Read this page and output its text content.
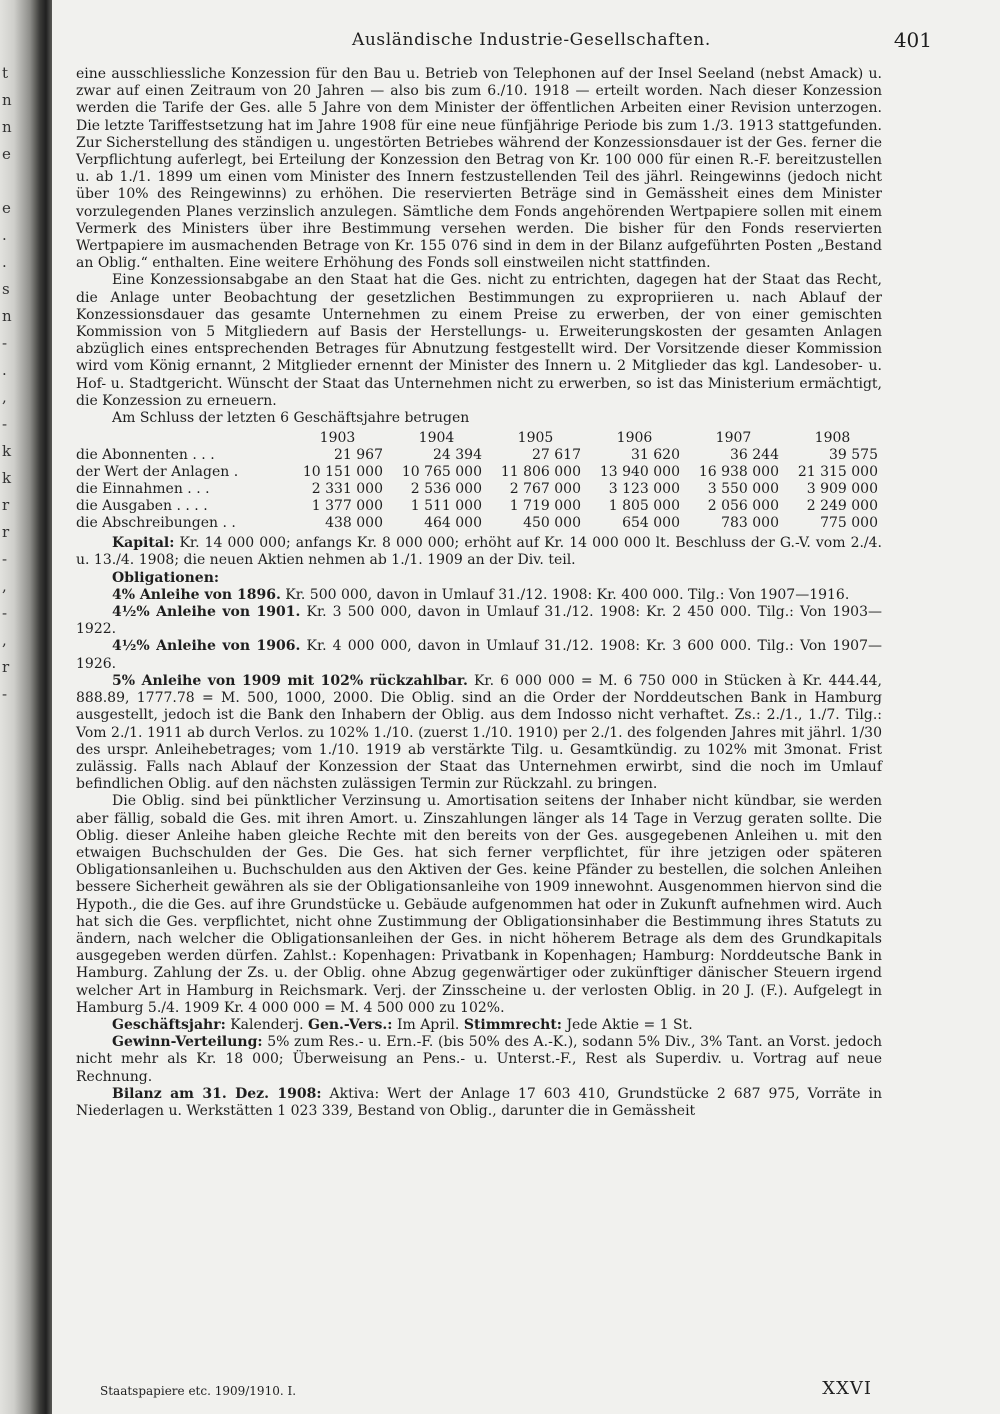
t
n
n
e

e
.
.
s
n
-
.
,
-
k
k
r
r
-
,
-
,
r
-
Ausländische Industrie-Gesellschaften.	401

eine ausschliessliche Konzession für den Bau u. Betrieb von Telephonen auf der Insel Seeland (nebst Amack) u. zwar auf einen Zeitraum von 20 Jahren — also bis zum 6./10. 1918 — erteilt worden. Nach dieser Konzession werden die Tarife der Ges. alle 5 Jahre von dem Minister der öffentlichen Arbeiten einer Revision unterzogen. Die letzte Tariffestsetzung hat im Jahre 1908 für eine neue fünfjährige Periode bis zum 1./3. 1913 stattgefunden. Zur Sicherstellung des ständigen u. ungestörten Betriebes während der Konzessionsdauer ist der Ges. ferner die Verpflichtung auferlegt, bei Erteilung der Konzession den Betrag von Kr. 100 000 für einen R.-F. bereitzustellen u. ab 1./1. 1899 um einen vom Minister des Innern festzustellenden Teil des jährl. Reingewinns (jedoch nicht über 10% des Reingewinns) zu erhöhen. Die reservierten Beträge sind in Gemässheit eines dem Minister vorzulegenden Planes verzinslich anzulegen. Sämtliche dem Fonds angehörenden Wertpapiere sollen mit einem Vermerk des Ministers über ihre Bestimmung versehen werden. Die bisher für den Fonds reservierten Wertpapiere im ausmachenden Betrage von Kr. 155 076 sind in dem in der Bilanz aufgeführten Posten „Bestand an Oblig.“ enthalten. Eine weitere Erhöhung des Fonds soll einstweilen nicht stattfinden.

Eine Konzessionsabgabe an den Staat hat die Ges. nicht zu entrichten, dagegen hat der Staat das Recht, die Anlage unter Beobachtung der gesetzlichen Bestimmungen zu expropriieren u. nach Ablauf der Konzessionsdauer das gesamte Unternehmen zu einem Preise zu erwerben, der von einer gemischten Kommission von 5 Mitgliedern auf Basis der Herstellungs- u. Erweiterungskosten der gesamten Anlagen abzüglich eines entsprechenden Betrages für Abnutzung festgestellt wird. Der Vorsitzende dieser Kommission wird vom König ernannt, 2 Mitglieder ernennt der Minister des Innern u. 2 Mitglieder das kgl. Landesober- u. Hof- u. Stadtgericht. Wünscht der Staat das Unternehmen nicht zu erwerben, so ist das Ministerium ermächtigt, die Konzession zu erneuern.

Am Schluss der letzten 6 Geschäftsjahre betrugen

	1903	1904	1905	1906	1907	1908
die Abonnenten . . .	21 967	24 394	27 617	31 620	36 244	39 575
der Wert der Anlagen .	10 151 000	10 765 000	11 806 000	13 940 000	16 938 000	21 315 000
die Einnahmen . . .	2 331 000	2 536 000	2 767 000	3 123 000	3 550 000	3 909 000
die Ausgaben . . . .	1 377 000	1 511 000	1 719 000	1 805 000	2 056 000	2 249 000
die Abschreibungen . .	438 000	464 000	450 000	654 000	783 000	775 000

Kapital: Kr. 14 000 000; anfangs Kr. 8 000 000; erhöht auf Kr. 14 000 000 lt. Beschluss der G.-V. vom 2./4. u. 13./4. 1908; die neuen Aktien nehmen ab 1./1. 1909 an der Div. teil.

Obligationen:

4% Anleihe von 1896. Kr. 500 000, davon in Umlauf 31./12. 1908: Kr. 400 000. Tilg.: Von 1907—1916.

4½% Anleihe von 1901. Kr. 3 500 000, davon in Umlauf 31./12. 1908: Kr. 2 450 000. Tilg.: Von 1903—1922.

4½% Anleihe von 1906. Kr. 4 000 000, davon in Umlauf 31./12. 1908: Kr. 3 600 000. Tilg.: Von 1907—1926.

5% Anleihe von 1909 mit 102% rückzahlbar. Kr. 6 000 000 = M. 6 750 000 in Stücken à Kr. 444.44, 888.89, 1777.78 = M. 500, 1000, 2000. Die Oblig. sind an die Order der Norddeutschen Bank in Hamburg ausgestellt, jedoch ist die Bank den Inhabern der Oblig. aus dem Indosso nicht verhaftet. Zs.: 2./1., 1./7. Tilg.: Vom 2./1. 1911 ab durch Verlos. zu 102% 1./10. (zuerst 1./10. 1910) per 2./1. des folgenden Jahres mit jährl. 1/30 des urspr. Anleihebetrages; vom 1./10. 1919 ab verstärkte Tilg. u. Gesamtkündig. zu 102% mit 3monat. Frist zulässig. Falls nach Ablauf der Konzession der Staat das Unternehmen erwirbt, sind die noch im Umlauf befindlichen Oblig. auf den nächsten zulässigen Termin zur Rückzahl. zu bringen.

Die Oblig. sind bei pünktlicher Verzinsung u. Amortisation seitens der Inhaber nicht kündbar, sie werden aber fällig, sobald die Ges. mit ihren Amort. u. Zinszahlungen länger als 14 Tage in Verzug geraten sollte. Die Oblig. dieser Anleihe haben gleiche Rechte mit den bereits von der Ges. ausgegebenen Anleihen u. mit den etwaigen Buchschulden der Ges. Die Ges. hat sich ferner verpflichtet, für ihre jetzigen oder späteren Obligationsanleihen u. Buchschulden aus den Aktiven der Ges. keine Pfänder zu bestellen, die solchen Anleihen bessere Sicherheit gewähren als sie der Obligationsanleihe von 1909 innewohnt. Ausgenommen hiervon sind die Hypoth., die die Ges. auf ihre Grundstücke u. Gebäude aufgenommen hat oder in Zukunft aufnehmen wird. Auch hat sich die Ges. verpflichtet, nicht ohne Zustimmung der Obligationsinhaber die Bestimmung ihres Statuts zu ändern, nach welcher die Obligationsanleihen der Ges. in nicht höherem Betrage als dem des Grundkapitals ausgegeben werden dürfen. Zahlst.: Kopenhagen: Privatbank in Kopenhagen; Hamburg: Norddeutsche Bank in Hamburg. Zahlung der Zs. u. der Oblig. ohne Abzug gegenwärtiger oder zukünftiger dänischer Steuern irgend welcher Art in Hamburg in Reichsmark. Verj. der Zinsscheine u. der verlosten Oblig. in 20 J. (F.). Aufgelegt in Hamburg 5./4. 1909 Kr. 4 000 000 = M. 4 500 000 zu 102%.

Geschäftsjahr: Kalenderj. Gen.-Vers.: Im April. Stimmrecht: Jede Aktie = 1 St.

Gewinn-Verteilung: 5% zum Res.- u. Ern.-F. (bis 50% des A.-K.), sodann 5% Div., 3% Tant. an Vorst. jedoch nicht mehr als Kr. 18 000; Überweisung an Pens.- u. Unterst.-F., Rest als Superdiv. u. Vortrag auf neue Rechnung.

Bilanz am 31. Dez. 1908: Aktiva: Wert der Anlage 17 603 410, Grundstücke 2 687 975, Vorräte in Niederlagen u. Werkstätten 1 023 339, Bestand von Oblig., darunter die in Gemässheit

Staatspapiere etc. 1909/1910. I.	XXVI
